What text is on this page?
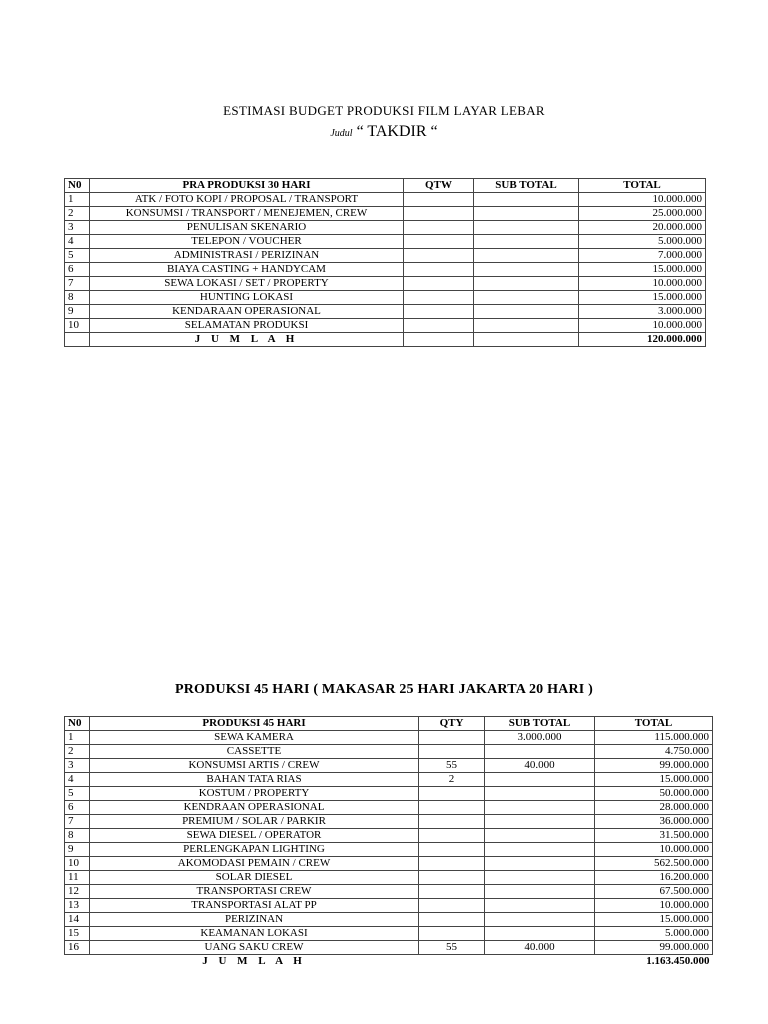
ESTIMASI BUDGET PRODUKSI FILM LAYAR LEBAR
Judul “ TAKDIR “
N0	PRA PRODUKSI 30 HARI	QTW	SUB TOTAL	TOTAL
1	ATK / FOTO KOPI / PROPOSAL / TRANSPORT			10.000.000
2	KONSUMSI / TRANSPORT / MENEJEMEN, CREW			25.000.000
3	PENULISAN SKENARIO			20.000.000
4	TELEPON / VOUCHER			5.000.000
5	ADMINISTRASI / PERIZINAN			7.000.000
6	BIAYA CASTING + HANDYCAM			15.000.000
7	SEWA LOKASI / SET / PROPERTY			10.000.000
8	HUNTING LOKASI			15.000.000
9	KENDARAAN OPERASIONAL			3.000.000
10	SELAMATAN PRODUKSI			10.000.000
	J U M L A H			120.000.000
PRODUKSI 45 HARI ( MAKASAR 25 HARI JAKARTA 20 HARI )
N0	PRODUKSI 45 HARI	QTY	SUB TOTAL	TOTAL
1	SEWA KAMERA		3.000.000	115.000.000
2	CASSETTE			4.750.000
3	KONSUMSI ARTIS / CREW	55	40.000	99.000.000
4	BAHAN TATA RIAS	2		15.000.000
5	KOSTUM / PROPERTY			50.000.000
6	KENDRAAN OPERASIONAL			28.000.000
7	PREMIUM / SOLAR / PARKIR			36.000.000
8	SEWA DIESEL / OPERATOR			31.500.000
9	PERLENGKAPAN LIGHTING			10.000.000
10	AKOMODASI PEMAIN / CREW			562.500.000
11	SOLAR DIESEL			16.200.000
12	TRANSPORTASI CREW			67.500.000
13	TRANSPORTASI ALAT PP			10.000.000
14	PERIZINAN			15.000.000
15	KEAMANAN LOKASI			5.000.000
16	UANG SAKU CREW	55	40.000	99.000.000
	J U M L A H			1.163.450.000
